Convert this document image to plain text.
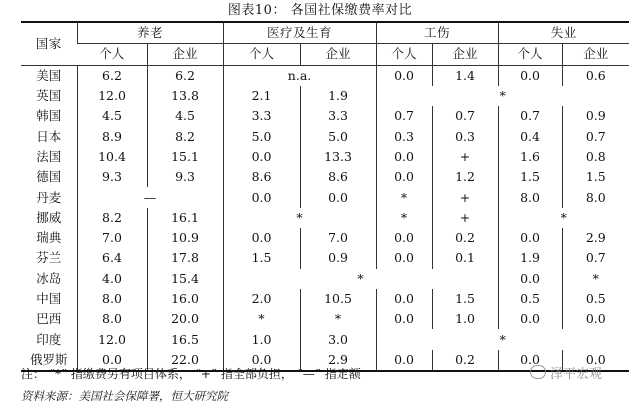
图表10： 各国社保缴费率对比
国家	养老		医疗及生育		工伤		失业	
	个人	企业	个人	企业	个人	企业	个人	企业
美国	6.2	6.2	n.a.		0.0	1.4	0.0	0.6
英国	12.0	13.8	2.1	1.9	*			
韩国	4.5	4.5	3.3	3.3	0.7	0.7	0.7	0.9
日本	8.9	8.2	5.0	5.0	0.3	0.3	0.4	0.7
法国	10.4	15.1	0.0	13.3	0.0	+	1.6	0.8
德国	9.3	9.3	8.6	8.6	0.0	1.2	1.5	1.5
丹麦	—		0.0	0.0	*	+	8.0	8.0
挪威	8.2	16.1	*		*	+	*	
瑞典	7.0	10.9	0.0	7.0	0.0	0.2	0.0	2.9
芬兰	6.4	17.8	1.5	0.9	0.0	0.1	1.9	0.7
冰岛	4.0	15.4	*				0.0	*
中国	8.0	16.0	2.0	10.5	0.0	1.5	0.5	0.5
巴西	8.0	20.0	*	*	0.0	1.0	0.0	0.0
印度	12.0	16.5	1.0	3.0	*			
俄罗斯	0.0	22.0	0.0	2.9	0.0	0.2	0.0	0.0
注： “*” 指缴费另有项目体系， “+” 指全部负担， “—” 指定额
资料来源：美国社会保障署，恒大研究院
泽平宏观
